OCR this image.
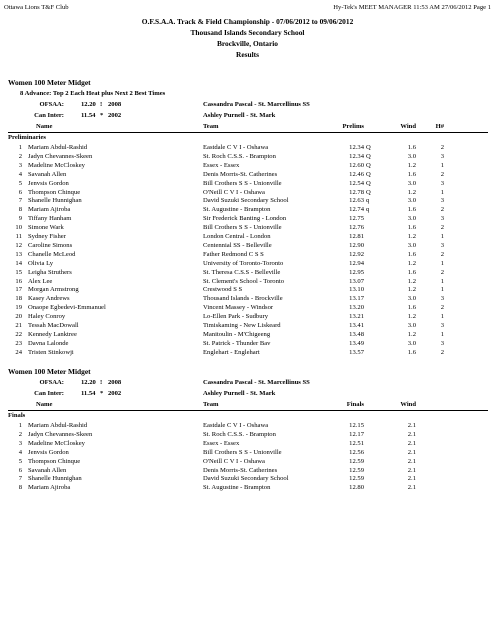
Ottawa Lions T&F Club	Hy-Tek's MEET MANAGER 11:53 AM 27/06/2012 Page 1
O.F.S.A.A. Track & Field Championship - 07/06/2012 to 09/06/2012
Thousand Islands Secondary School
Brockville, Ontario
Results
Women 100 Meter Midget
8 Advance: Top 2 Each Heat plus Next 2 Best Times
OFSAA:	12.20 ! 2008	Cassandra Pascal - St. Marcellinus SS
Can Inter:	11.54 * 2002	Ashley Purnell - St. Mark
Name	Team	Prelims	Wind	H#
Preliminaries
1 Mariam Abdul-Rashid	Eastdale C V I - Oshawa	12.34 Q	1.6	2
2 Jadyn Chevannes-Skeen	St. Roch C.S.S. - Brampton	12.34 Q	3.0	3
3 Madeline McCloskey	Essex - Essex	12.60 Q	1.2	1
4 Savanah Allen	Denis Morris-St. Catherines	12.46 Q	1.6	2
5 Jenvsis Gordon	Bill Crothers S S - Unionville	12.54 Q	3.0	3
6 Thompson Chinque	O'Neill C V I - Oshawa	12.78 Q	1.2	1
7 Shanelle Hunnighan	David Suzuki Secondary School	12.63 q	3.0	3
8 Mariam Ajiroba	St. Augustine - Brampton	12.74 q	1.6	2
9 Tiffany Hanham	Sir Frederick Banting - London	12.75	3.0	3
10 Simone Wark	Bill Crothers S S - Unionville	12.76	1.6	2
11 Sydney Fisher	London Central - London	12.81	1.2	1
12 Caroline Simons	Centennial SS - Belleville	12.90	3.0	3
13 Chanelle McLeod	Father Redmond C S S	12.92	1.6	2
14 Olivia Ly	University of Toronto-Toronto	12.94	1.2	1
15 Leigha Struthers	St. Theresa C.S.S - Belleville	12.95	1.6	2
16 Alex Lee	St. Clement's School - Toronto	13.07	1.2	1
17 Morgan Armstrong	Crestwood S S	13.10	1.2	1
18 Kasey Andrews	Thousand Islands - Brockville	13.17	3.0	3
19 Onaope Egbedevi-Emmanuel	Vincent Massey - Windsor	13.20	1.6	2
20 Haley Conroy	Lo-Ellen Park - Sudbury	13.21	1.2	1
21 Tessah MacDowall	Timiskaming - New Liskeard	13.41	3.0	3
22 Kennedy Lanktree	Manitoulin - M'Chigeeng	13.48	1.2	1
23 Davna Lalonde	St. Patrick - Thunder Bav	13.49	3.0	3
24 Tristen Stinkowji	Englehart - Englehart	13.57	1.6	2
Women 100 Meter Midget
OFSAA:	12.20 ! 2008	Cassandra Pascal - St. Marcellinus SS
Can Inter:	11.54 * 2002	Ashley Purnell - St. Mark
Name	Team	Finals	Wind
Finals
1 Mariam Abdul-Rashid	Eastdale C V I - Oshawa	12.15	2.1
2 Jadyn Chevannes-Skeen	St. Roch C.S.S. - Brampton	12.17	2.1
3 Madeline McCloskey	Essex - Essex	12.51	2.1
4 Jenvsis Gordon	Bill Crothers S S - Unionville	12.56	2.1
5 Thompson Chinque	O'Neill C V I - Oshawa	12.59	2.1
6 Savanah Allen	Denis Morris-St. Catherines	12.59	2.1
7 Shanelle Hunnighan	David Suzuki Secondary School	12.59	2.1
8 Mariam Ajiroba	St. Augustine - Brampton	12.80	2.1
